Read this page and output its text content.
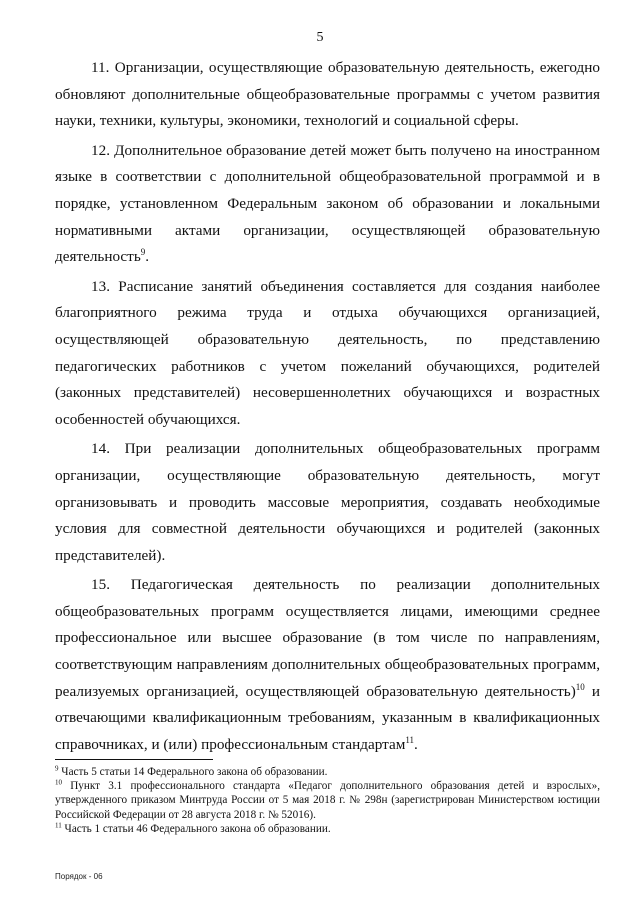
5

11. Организации, осуществляющие образовательную деятельность, ежегодно обновляют дополнительные общеобразовательные программы с учетом развития науки, техники, культуры, экономики, технологий и социальной сферы.

12. Дополнительное образование детей может быть получено на иностранном языке в соответствии с дополнительной общеобразовательной программой и в порядке, установленном Федеральным законом об образовании и локальными нормативными актами организации, осуществляющей образовательную деятельность$^9$.

13. Расписание занятий объединения составляется для создания наиболее благоприятного режима труда и отдыха обучающихся организацией, осуществляющей образовательную деятельность, по представлению педагогических работников с учетом пожеланий обучающихся, родителей (законных представителей) несовершеннолетних обучающихся и возрастных особенностей обучающихся.

14. При реализации дополнительных общеобразовательных программ организации, осуществляющие образовательную деятельность, могут организовывать и проводить массовые мероприятия, создавать необходимые условия для совместной деятельности обучающихся и родителей (законных представителей).

15. Педагогическая деятельность по реализации дополнительных общеобразовательных программ осуществляется лицами, имеющими среднее профессиональное или высшее образование (в том числе по направлениям, соответствующим направлениям дополнительных общеобразовательных программ, реализуемых организацией, осуществляющей образовательную деятельность)$^{10}$ и отвечающими квалификационным требованиям, указанным в квалификационных справочниках, и (или) профессиональным стандартам$^{11}$.

$^9$ Часть 5 статьи 14 Федерального закона об образовании.

$^{10}$ Пункт 3.1 профессионального стандарта «Педагог дополнительного образования детей и взрослых», утвержденного приказом Минтруда России от 5 мая 2018 г. № 298н (зарегистрирован Министерством юстиции Российской Федерации от 28 августа 2018 г. № 52016).

$^{11}$ Часть 1 статьи 46 Федерального закона об образовании.

Порядок - 06
